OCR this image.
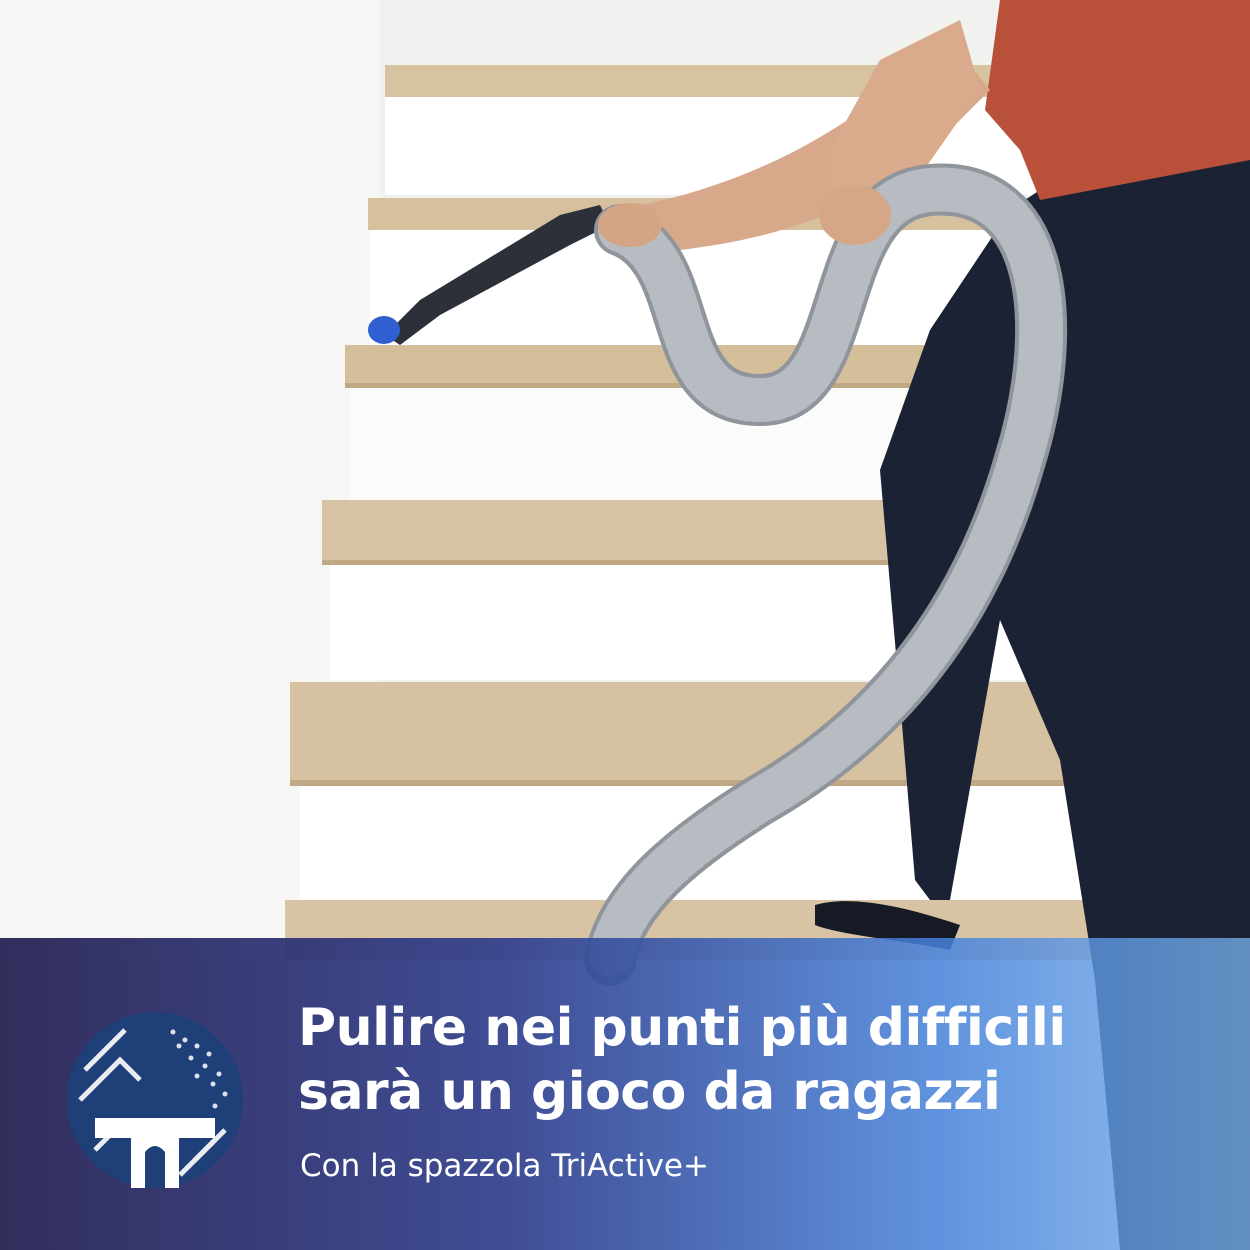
Pulire nei punti più difficili
sarà un gioco da ragazzi
Con la spazzola TriActive+
